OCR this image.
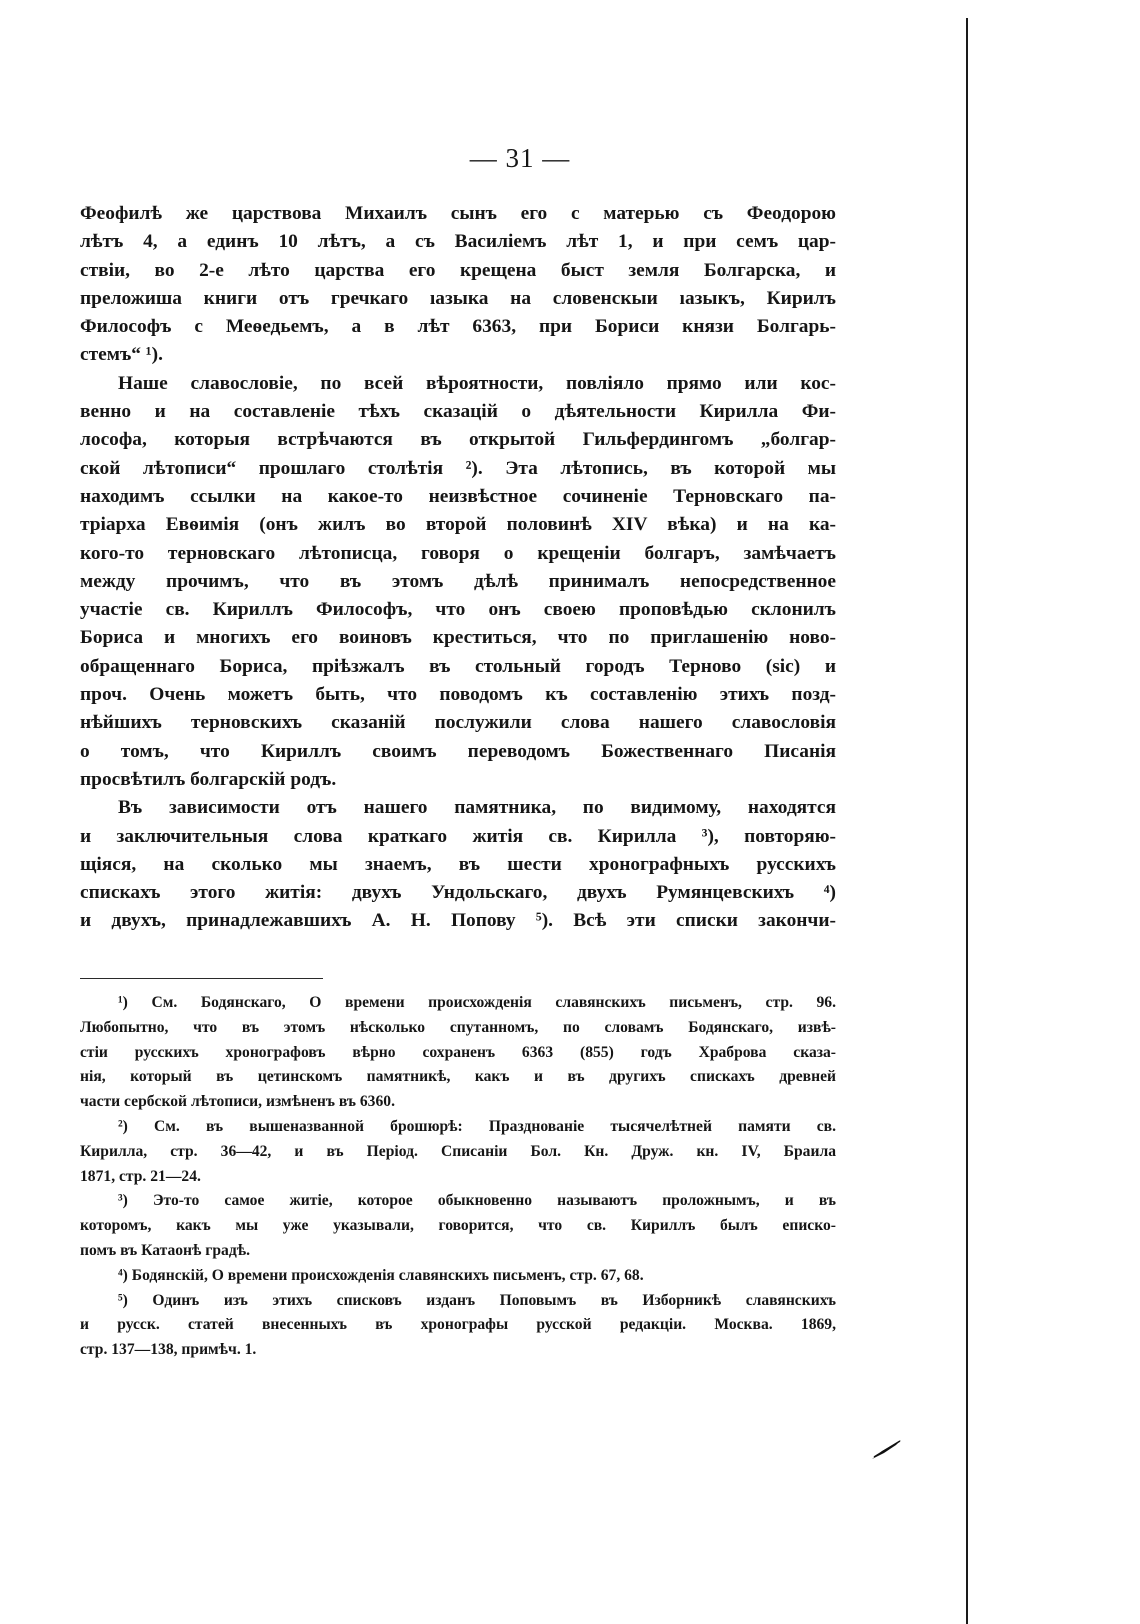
— 31 —

Феофилѣ же царствова Михаилъ сынъ его с матерью съ Феодорою
лѣтъ 4, а единъ 10 лѣтъ, а съ Василіемъ лѣт 1, и при семъ цар-
ствіи, во 2-е лѣто царства его крещена быст земля Болгарска, и
преложиша книги отъ гречкаго ıазыка на словенскыи ıазыкъ, Кирилъ
Философъ с Меѳедьемъ, а в лѣт 6363, при Бориси князи Болгарь-
стемъ“ ¹).

Наше славословіе, по всей вѣроятности, повліяло прямо или кос-
венно и на составленіе тѣхъ сказацій о дѣятельности Кирилла Фи-
лософа, которыя встрѣчаются въ открытой Гильфердингомъ „болгар-
ской лѣтописи“ прошлаго столѣтія ²). Эта лѣтопись, въ которой мы
находимъ ссылки на какое-то неизвѣстное сочиненіе Терновскаго па-
тріарха Евѳимія (онъ жилъ во второй половинѣ XIV вѣка) и на ка-
кого-то терновскаго лѣтописца, говоря о крещеніи болгаръ, замѣчаетъ
между прочимъ, что въ этомъ дѣлѣ принималъ непосредственное
участіе св. Кириллъ Философъ, что онъ своею проповѣдью склонилъ
Бориса и многихъ его воиновъ креститься, что по приглашенію ново-
обращеннаго Бориса, пріѣзжалъ въ стольный городъ Терново (sic) и
проч. Очень можетъ быть, что поводомъ къ составленію этихъ позд-
нѣйшихъ терновскихъ сказаній послужили слова нашего славословія
о томъ, что Кириллъ своимъ переводомъ Божественнаго Писанія
просвѣтилъ болгарскій родъ.

Въ зависимости отъ нашего памятника, по видимому, находятся
и заключительныя слова краткаго житія св. Кирилла ³), повторяю-
щіяся, на сколько мы знаемъ, въ шести хронографныхъ русскихъ
спискахъ этого житія: двухъ Ундольскаго, двухъ Румянцевскихъ ⁴)
и двухъ, принадлежавшихъ А. Н. Попову ⁵). Всѣ эти списки закончи-

¹) См. Бодянскаго, О времени происхожденія славянскихъ письменъ, стр. 96.
Любопытно, что въ этомъ нѣсколько спутанномъ, по словамъ Бодянскаго, извѣ-
стіи русскихъ хронографовъ вѣрно сохраненъ 6363 (855) годъ Храброва сказа-
нія, который въ цетинскомъ памятникѣ, какъ и въ другихъ спискахъ древней
части сербской лѣтописи, измѣненъ въ 6360.
²) См. въ вышеназванной брошюрѣ: Празднованіе тысячелѣтней памяти св.
Кирилла, стр. 36—42, и въ Період. Списаніи Бол. Кн. Друж. кн. IV, Браила
1871, стр. 21—24.
³) Это-то самое житіе, которое обыкновенно называютъ проложнымъ, и въ
которомъ, какъ мы уже указывали, говорится, что св. Кириллъ былъ еписко-
помъ въ Катаонѣ градѣ.
⁴) Бодянскій, О времени происхожденія славянскихъ письменъ, стр. 67, 68.
⁵) Одинъ изъ этихъ списковъ изданъ Поповымъ въ Изборникѣ славянскихъ
и русск. статей внесенныхъ въ хронографы русской редакціи. Москва. 1869,
стр. 137—138, примѣч. 1.
